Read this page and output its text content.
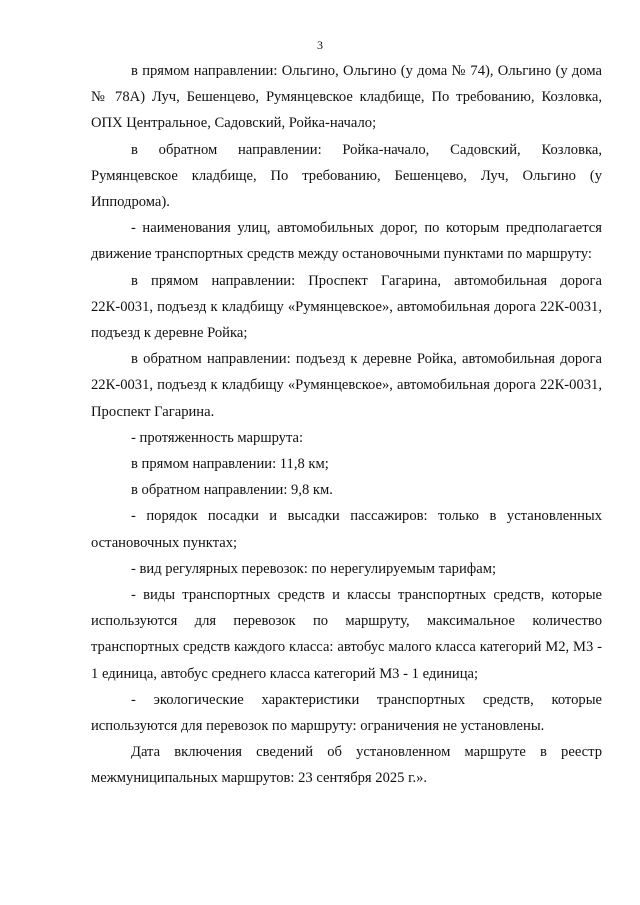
3

в прямом направлении: Ольгино, Ольгино (у дома № 74), Ольгино (у дома № 78А) Луч, Бешенцево, Румянцевское кладбище, По требованию, Козловка, ОПХ Центральное, Садовский, Ройка-начало;

в обратном направлении: Ройка-начало, Садовский, Козловка, Румянцевское кладбище, По требованию, Бешенцево, Луч, Ольгино (у Ипподрома).

- наименования улиц, автомобильных дорог, по которым предполагается движение транспортных средств между остановочными пунктами по маршруту:

в прямом направлении: Проспект Гагарина, автомобильная дорога 22К-0031, подъезд к кладбищу «Румянцевское», автомобильная дорога 22К-0031, подъезд к деревне Ройка;

в обратном направлении: подъезд к деревне Ройка, автомобильная дорога 22К-0031, подъезд к кладбищу «Румянцевское», автомобильная дорога 22К-0031, Проспект Гагарина.

- протяженность маршрута:

в прямом направлении: 11,8 км;

в обратном направлении: 9,8 км.

- порядок посадки и высадки пассажиров: только в установленных остановочных пунктах;

- вид регулярных перевозок: по нерегулируемым тарифам;

- виды транспортных средств и классы транспортных средств, которые используются для перевозок по маршруту, максимальное количество транспортных средств каждого класса: автобус малого класса категорий М2, М3 - 1 единица, автобус среднего класса категорий М3 - 1 единица;

- экологические характеристики транспортных средств, которые используются для перевозок по маршруту: ограничения не установлены.

Дата включения сведений об установленном маршруте в реестр межмуниципальных маршрутов: 23 сентября 2025 г.».
